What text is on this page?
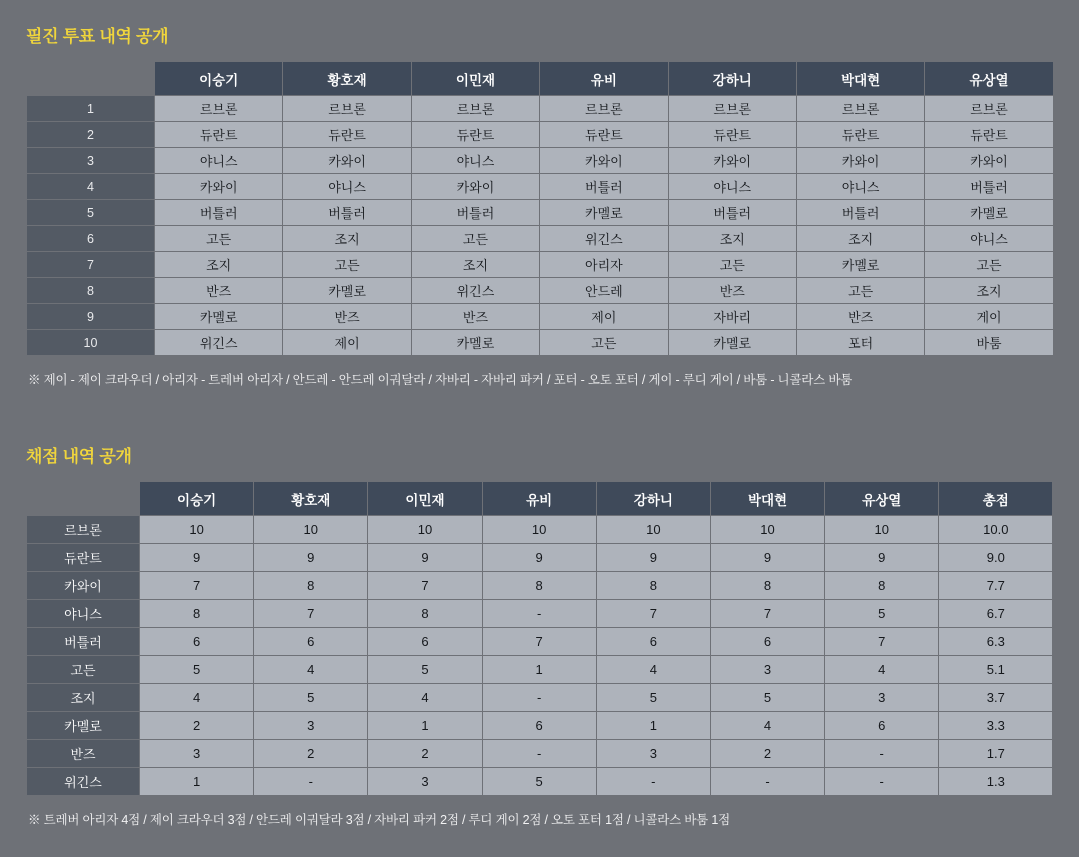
필진 투표 내역 공개
	이승기	황호재	이민재	유비	강하니	박대현	유상열
1	르브론	르브론	르브론	르브론	르브론	르브론	르브론
2	듀란트	듀란트	듀란트	듀란트	듀란트	듀란트	듀란트
3	야니스	카와이	야니스	카와이	카와이	카와이	카와이
4	카와이	야니스	카와이	버틀러	야니스	야니스	버틀러
5	버틀러	버틀러	버틀러	카멜로	버틀러	버틀러	카멜로
6	고든	조지	고든	위긴스	조지	조지	야니스
7	조지	고든	조지	아리자	고든	카멜로	고든
8	반즈	카멜로	위긴스	안드레	반즈	고든	조지
9	카멜로	반즈	반즈	제이	자바리	반즈	게이
10	위긴스	제이	카멜로	고든	카멜로	포터	바툼

※ 제이 - 제이 크라우더 / 아리자 - 트레버 아리자 / 안드레 - 안드레 이궈달라 / 자바리 - 자바리 파커 / 포터 - 오토 포터 / 게이 - 루디 게이 / 바툼 - 니콜라스 바툼

채점 내역 공개
	이승기	황호재	이민재	유비	강하니	박대현	유상열	총점
르브론	10	10	10	10	10	10	10	10.0
듀란트	9	9	9	9	9	9	9	9.0
카와이	7	8	7	8	8	8	8	7.7
야니스	8	7	8	-	7	7	5	6.7
버틀러	6	6	6	7	6	6	7	6.3
고든	5	4	5	1	4	3	4	5.1
조지	4	5	4	-	5	5	3	3.7
카멜로	2	3	1	6	1	4	6	3.3
반즈	3	2	2	-	3	2	-	1.7
위긴스	1	-	3	5	-	-	-	1.3

※ 트레버 아리자 4점 / 제이 크라우더 3점 / 안드레 이궈달라 3점 / 자바리 파커 2점 / 루디 게이 2점 / 오토 포터 1점 / 니콜라스 바툼 1점
